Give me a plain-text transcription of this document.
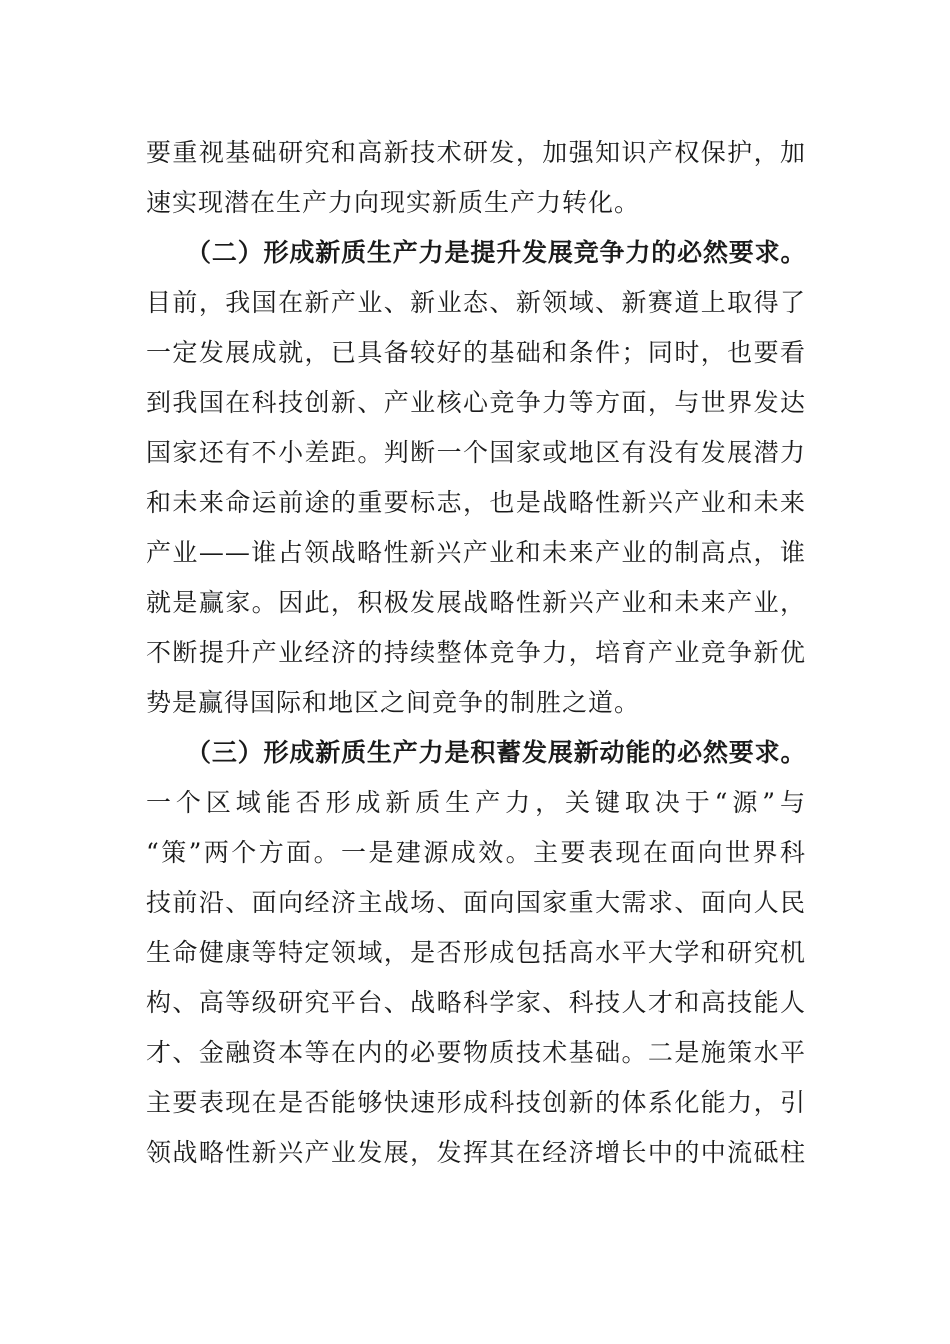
要重视基础研究和高新技术研发，加强知识产权保护，加
速实现潜在生产力向现实新质生产力转化。
（二）形成新质生产力是提升发展竞争力的必然要求。
目前，我国在新产业、新业态、新领域、新赛道上取得了
一定发展成就，已具备较好的基础和条件；同时，也要看
到我国在科技创新、产业核心竞争力等方面，与世界发达
国家还有不小差距。判断一个国家或地区有没有发展潜力
和未来命运前途的重要标志，也是战略性新兴产业和未来
产业——谁占领战略性新兴产业和未来产业的制高点，谁
就是赢家。因此，积极发展战略性新兴产业和未来产业，
不断提升产业经济的持续整体竞争力，培育产业竞争新优
势是赢得国际和地区之间竞争的制胜之道。
（三）形成新质生产力是积蓄发展新动能的必然要求。
一个区域能否形成新质生产力，关键取决于“源”与
“策”两个方面。一是建源成效。主要表现在面向世界科
技前沿、面向经济主战场、面向国家重大需求、面向人民
生命健康等特定领域，是否形成包括高水平大学和研究机
构、高等级研究平台、战略科学家、科技人才和高技能人
才、金融资本等在内的必要物质技术基础。二是施策水平
主要表现在是否能够快速形成科技创新的体系化能力，引
领战略性新兴产业发展，发挥其在经济增长中的中流砥柱
